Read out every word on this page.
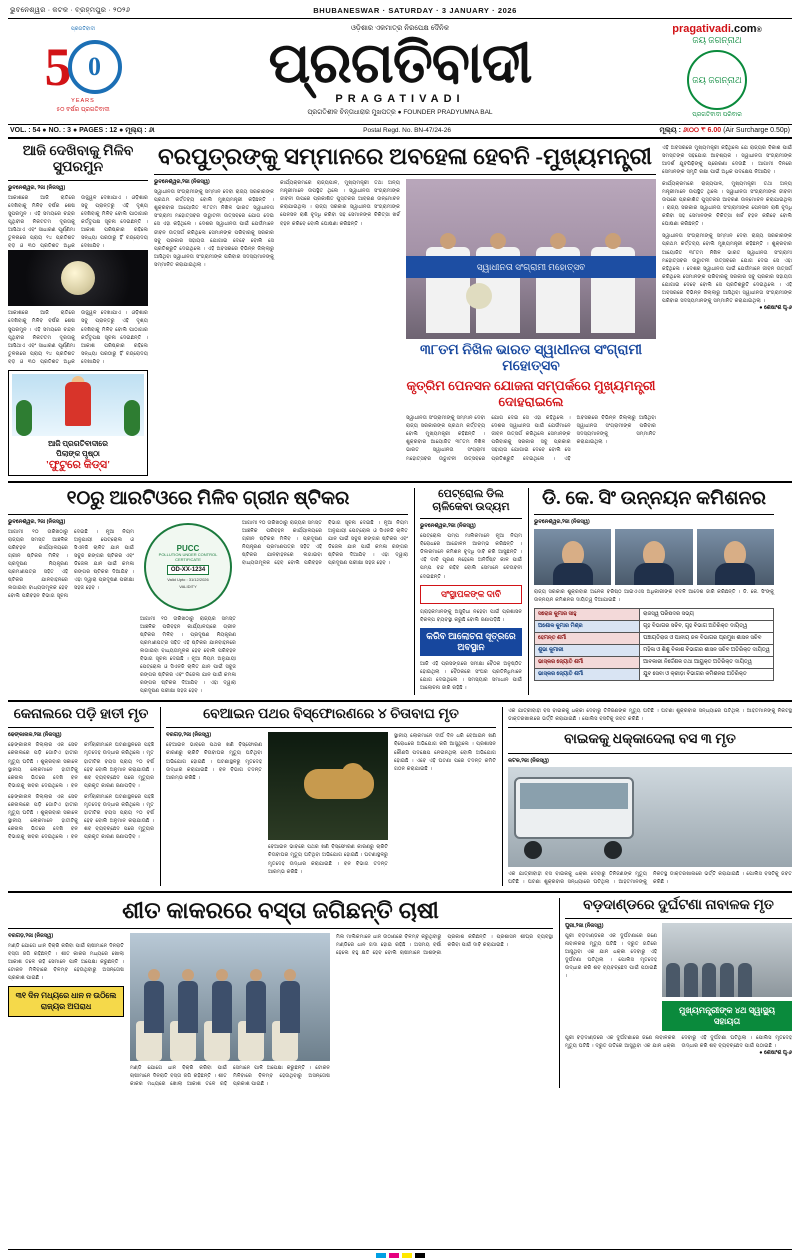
ଭୁବନେଶ୍ୱର · କଟକ · ବ୍ରହ୍ମପୁର · ୨୦୨୬	BHUBANESWAR · SATURDAY · 3 JANUARY · 2026
ପ୍ରଗତିବାଦୀ
5 0
YEARS
୫୦ ବର୍ଷର ପ୍ରଗତିବାଦୀ
ଓଡ଼ିଶାର ଏକମାତ୍ର ନିରପେକ୍ଷ ଦୈନିକ
ପ୍ରଗତିବାଦୀ
PRAGATIVADI
ପ୍ରଗତିଶୀଳ ଚିନ୍ତାଧାରାର ମୁଖପତ୍ର ● FOUNDER PRADYUMNA BAL
pragativadi.com®
ଜୟ ଜଗନ୍ନାଥ
ଜୟ ଜଗନ୍ନାଥ
ପ୍ରଗତିବାଦୀ ପରିବାର
VOL. : 54 ● NO. : 3 ● PAGES : 12 ● ମୂଲ୍ୟ : ୬୲	Postal Regd. No. BN-47/24-26	ମୂଲ୍ୟ : ୬୲୦୦ ₹ 6.00 (Air Surcharge 0.50p)
ଆଜି ଦେଖିବାକୁ ମିଳିବ ସୁପରମୁନ
ଭୁବନେଶ୍ୱର, ୨ଜା (ନିଜସ୍ୱ)
ଆକାଶରେ ଆଜି ରାତିରେ ଦେଖିବାକୁ ମିଳିବ ବର୍ଷର ଶେଷ ସୁପରମୁନ । ଏହି ସମୟରେ ଚନ୍ଦ୍ର ପୃଥିବୀର ନିକଟତମ ଦୂରତାକୁ ଆସିଥାଏ ଏବଂ ସାଧାରଣ ପୂର୍ଣ୍ଣିମା ତୁଳନାରେ ପ୍ରାୟ ୧୪ ପ୍ରତିଶତ ବଡ଼ ଓ ୩୦ ପ୍ରତିଶତ ଅଧିକ ଉଜ୍ଜ୍ୱଳ ଦେଖାଯାଏ । ଓଡ଼ିଶାର ସବୁ ପ୍ରାନ୍ତରୁ ଏହି ଦୃଶ୍ୟ ଦେଖିବାକୁ ମିଳିବ ବୋଲି ପାଠାଗାର କର୍ତ୍ତୃପକ୍ଷ ସୂଚନା ଦେଇଛନ୍ତି । ଆକାଶ ପରିଷ୍କାର ରହିଲେ ସନ୍ଧ୍ୟା ପରଠାରୁ ହିଁ ଚନ୍ଦ୍ରୋଦୟ ଦେଖାଯିବ ।
ଆକାଶରେ ଆଜି ରାତିରେ ଦେଖିବାକୁ ମିଳିବ ବର୍ଷର ଶେଷ ସୁପରମୁନ । ଏହି ସମୟରେ ଚନ୍ଦ୍ର ପୃଥିବୀର ନିକଟତମ ଦୂରତାକୁ ଆସିଥାଏ ଏବଂ ସାଧାରଣ ପୂର୍ଣ୍ଣିମା ତୁଳନାରେ ପ୍ରାୟ ୧୪ ପ୍ରତିଶତ ବଡ଼ ଓ ୩୦ ପ୍ରତିଶତ ଅଧିକ ଉଜ୍ଜ୍ୱଳ ଦେଖାଯାଏ । ଓଡ଼ିଶାର ସବୁ ପ୍ରାନ୍ତରୁ ଏହି ଦୃଶ୍ୟ ଦେଖିବାକୁ ମିଳିବ ବୋଲି ପାଠାଗାର କର୍ତ୍ତୃପକ୍ଷ ସୂଚନା ଦେଇଛନ୍ତି । ଆକାଶ ପରିଷ୍କାର ରହିଲେ ସନ୍ଧ୍ୟା ପରଠାରୁ ହିଁ ଚନ୍ଦ୍ରୋଦୟ ଦେଖାଯିବ ।
ଆଜି ପ୍ରଗତିବାଦୀରେ
ପିଲାଙ୍କ ପୃଷ୍ଠା
'ଫୁଟୁରେ କିଡ୍ସ'
ବରପୁତ୍ରଙ୍କୁ ସମ୍ମାନରେ ଅବହେଳା ହେବନି -ମୁଖ୍ୟମନ୍ତ୍ରୀ
ଭୁବନେଶ୍ୱର,୨ଜା (ନିଜସ୍ୱ)
ସ୍ୱାଧୀନତା ସଂଗ୍ରାମୀଙ୍କୁ ସମ୍ମାନ ଦେବା ରାଜ୍ୟ ସରକାରଙ୍କ ପ୍ରଥମ କର୍ତ୍ତବ୍ୟ ବୋଲି ମୁଖ୍ୟମନ୍ତ୍ରୀ କହିଛନ୍ତି । ଶୁକ୍ରବାର ଆୟୋଜିତ ୩୮ତମ ନିଖିଳ ଭାରତ ସ୍ୱାଧୀନତା ସଂଗ୍ରାମୀ ମହୋତ୍ସବର ଉଦ୍ଘାଟନୀ ଉତ୍ସବରେ ଯୋଗ ଦେଇ ସେ ଏହା କହିଥିଲେ । ଦେଶର ସ୍ୱାଧୀନତା ପାଇଁ ଯେଉଁମାନେ ଜୀବନ ଉତ୍ସର୍ଗ କରିଥିଲେ ସେମାନଙ୍କ ପରିବାରକୁ ସରକାର ସବୁ ପ୍ରକାର ସହାୟତା ଯୋଗାଇ ଦେବେ ବୋଲି ସେ ପ୍ରତିଶ୍ରୁତି ଦେଇଥିଲେ । ଏହି ଅବସରରେ ବିଭିନ୍ନ ଜିଲ୍ଲାରୁ ଆସିଥିବା ସ୍ୱାଧୀନତା ସଂଗ୍ରାମୀଙ୍କ ପରିବାର ସଦସ୍ୟମାନଙ୍କୁ ସମ୍ମାନିତ କରାଯାଇଥିଲା ।
କାର୍ଯ୍ୟକ୍ରମରେ ରାଜ୍ୟପାଳ, ମୁଖ୍ୟମନ୍ତ୍ରୀ ତଥା ଅନ୍ୟ ମନ୍ତ୍ରୀମାନେ ଉପସ୍ଥିତ ଥିଲେ । ସ୍ୱାଧୀନତା ସଂଗ୍ରାମୀଙ୍କ ଜୀବନୀ ଉପରେ ପ୍ରକାଶିତ ପୁସ୍ତକର ଆବରଣ ଉନ୍ମୋଚନ କରାଯାଇଥିଲା । ରାଜ୍ୟ ସରକାର ସ୍ୱାଧୀନତା ସଂଗ୍ରାମୀଙ୍କ ପେନସନ ରାଶି ବୃଦ୍ଧି କରିବା ସହ ସେମାନଙ୍କ ଚିକିତ୍ସା ଖର୍ଚ୍ଚ ବହନ କରିବେ ବୋଲି ଘୋଷଣା କରିଛନ୍ତି ।
ସ୍ୱାଧୀନତା ସଂଗ୍ରାମୀ ମହୋତ୍ସବ
୩୮ତମ ନିଖିଳ ଭାରତ ସ୍ୱାଧୀନତା ସଂଗ୍ରାମୀ ମହୋତ୍ସବ
କୃତ୍ରିମ ପେନସନ ଯୋଜନା ସମ୍ପର୍କରେ ମୁଖ୍ୟମନ୍ତ୍ରୀ ଦୋହରାଇଲେ
ସ୍ୱାଧୀନତା ସଂଗ୍ରାମୀଙ୍କୁ ସମ୍ମାନ ଦେବା ରାଜ୍ୟ ସରକାରଙ୍କ ପ୍ରଥମ କର୍ତ୍ତବ୍ୟ ବୋଲି ମୁଖ୍ୟମନ୍ତ୍ରୀ କହିଛନ୍ତି । ଶୁକ୍ରବାର ଆୟୋଜିତ ୩୮ତମ ନିଖିଳ ଭାରତ ସ୍ୱାଧୀନତା ସଂଗ୍ରାମୀ ମହୋତ୍ସବର ଉଦ୍ଘାଟନୀ ଉତ୍ସବରେ ଯୋଗ ଦେଇ ସେ ଏହା କହିଥିଲେ । ଦେଶର ସ୍ୱାଧୀନତା ପାଇଁ ଯେଉଁମାନେ ଜୀବନ ଉତ୍ସର୍ଗ କରିଥିଲେ ସେମାନଙ୍କ ପରିବାରକୁ ସରକାର ସବୁ ପ୍ରକାର ସହାୟତା ଯୋଗାଇ ଦେବେ ବୋଲି ସେ ପ୍ରତିଶ୍ରୁତି ଦେଇଥିଲେ । ଏହି ଅବସରରେ ବିଭିନ୍ନ ଜିଲ୍ଲାରୁ ଆସିଥିବା ସ୍ୱାଧୀନତା ସଂଗ୍ରାମୀଙ୍କ ପରିବାର ସଦସ୍ୟମାନଙ୍କୁ ସମ୍ମାନିତ କରାଯାଇଥିଲା ।
ଏହି ଅବସରରେ ମୁଖ୍ୟମନ୍ତ୍ରୀ କହିଥିଲେ ଯେ ରାଜ୍ୟର ବିକାଶ ପାଇଁ ସମସ୍ତଙ୍କ ସହଯୋଗ ଆବଶ୍ୟକ । ସ୍ୱାଧୀନତା ସଂଗ୍ରାମୀଙ୍କ ଆଦର୍ଶ ଯୁବପିଢ଼ିଙ୍କୁ ପ୍ରେରଣା ଦେଉଛି । ଆଗାମୀ ଦିନରେ ସେମାନଙ୍କ ସ୍ମୃତି ରକ୍ଷା ପାଇଁ ଅଧିକ ପଦକ୍ଷେପ ନିଆଯିବ ।
କାର୍ଯ୍ୟକ୍ରମରେ ରାଜ୍ୟପାଳ, ମୁଖ୍ୟମନ୍ତ୍ରୀ ତଥା ଅନ୍ୟ ମନ୍ତ୍ରୀମାନେ ଉପସ୍ଥିତ ଥିଲେ । ସ୍ୱାଧୀନତା ସଂଗ୍ରାମୀଙ୍କ ଜୀବନୀ ଉପରେ ପ୍ରକାଶିତ ପୁସ୍ତକର ଆବରଣ ଉନ୍ମୋଚନ କରାଯାଇଥିଲା । ରାଜ୍ୟ ସରକାର ସ୍ୱାଧୀନତା ସଂଗ୍ରାମୀଙ୍କ ପେନସନ ରାଶି ବୃଦ୍ଧି କରିବା ସହ ସେମାନଙ୍କ ଚିକିତ୍ସା ଖର୍ଚ୍ଚ ବହନ କରିବେ ବୋଲି ଘୋଷଣା କରିଛନ୍ତି ।
ସ୍ୱାଧୀନତା ସଂଗ୍ରାମୀଙ୍କୁ ସମ୍ମାନ ଦେବା ରାଜ୍ୟ ସରକାରଙ୍କ ପ୍ରଥମ କର୍ତ୍ତବ୍ୟ ବୋଲି ମୁଖ୍ୟମନ୍ତ୍ରୀ କହିଛନ୍ତି । ଶୁକ୍ରବାର ଆୟୋଜିତ ୩୮ତମ ନିଖିଳ ଭାରତ ସ୍ୱାଧୀନତା ସଂଗ୍ରାମୀ ମହୋତ୍ସବର ଉଦ୍ଘାଟନୀ ଉତ୍ସବରେ ଯୋଗ ଦେଇ ସେ ଏହା କହିଥିଲେ । ଦେଶର ସ୍ୱାଧୀନତା ପାଇଁ ଯେଉଁମାନେ ଜୀବନ ଉତ୍ସର୍ଗ କରିଥିଲେ ସେମାନଙ୍କ ପରିବାରକୁ ସରକାର ସବୁ ପ୍ରକାର ସହାୟତା ଯୋଗାଇ ଦେବେ ବୋଲି ସେ ପ୍ରତିଶ୍ରୁତି ଦେଇଥିଲେ । ଏହି ଅବସରରେ ବିଭିନ୍ନ ଜିଲ୍ଲାରୁ ଆସିଥିବା ସ୍ୱାଧୀନତା ସଂଗ୍ରାମୀଙ୍କ ପରିବାର ସଦସ୍ୟମାନଙ୍କୁ ସମ୍ମାନିତ କରାଯାଇଥିଲା ।
● ଶେଷାଂଶ ପୃ-୬
୧୦ରୁ ଆରଟିଓରେ ମିଳିବ ଗ୍ରୀନ ଷ୍ଟିକର
ଭୁବନେଶ୍ୱର, ୨ଜା (ନିଜସ୍ୱ)
ଆଗାମୀ ୧୦ ତାରିଖଠାରୁ ରାଜ୍ୟର ସମସ୍ତ ଆଞ୍ଚଳିକ ପରିବହନ କାର୍ଯ୍ୟାଳୟରେ ଗ୍ରୀନ ଷ୍ଟିକର ମିଳିବ । ପ୍ରଦୂଷଣ ନିୟନ୍ତ୍ରଣ ପ୍ରମାଣପତ୍ର ସହିତ ଏହି ଷ୍ଟିକର ଯାନବାହନରେ ଲଗାଇବା ବାଧ୍ୟତାମୂଳକ ହେବ ବୋଲି ପରିବହନ ବିଭାଗ ସୂଚନା ଦେଇଛି । ନୂଆ ନିୟମ ଅନୁଯାୟୀ ପେଟ୍ରୋଲ ଓ ସିଏନଜି ଚାଳିତ ଯାନ ପାଇଁ ସବୁଜ ରଙ୍ଗର ଷ୍ଟିକର ଏବଂ ଡିଜେଲ ଯାନ ପାଇଁ କମଳା ରଙ୍ଗର ଷ୍ଟିକର ଦିଆଯିବ । ଏହା ଦ୍ୱାରା ପ୍ରଦୂଷଣ ପରୀକ୍ଷା ସହଜ ହେବ ।
PUCC
POLLUTION UNDER CONTROL CERTIFICATE
OD-XX-1234
Valid Upto : 31/12/2026
VALIDITY
ଆଗାମୀ ୧୦ ତାରିଖଠାରୁ ରାଜ୍ୟର ସମସ୍ତ ଆଞ୍ଚଳିକ ପରିବହନ କାର୍ଯ୍ୟାଳୟରେ ଗ୍ରୀନ ଷ୍ଟିକର ମିଳିବ । ପ୍ରଦୂଷଣ ନିୟନ୍ତ୍ରଣ ପ୍ରମାଣପତ୍ର ସହିତ ଏହି ଷ୍ଟିକର ଯାନବାହନରେ ଲଗାଇବା ବାଧ୍ୟତାମୂଳକ ହେବ ବୋଲି ପରିବହନ ବିଭାଗ ସୂଚନା ଦେଇଛି । ନୂଆ ନିୟମ ଅନୁଯାୟୀ ପେଟ୍ରୋଲ ଓ ସିଏନଜି ଚାଳିତ ଯାନ ପାଇଁ ସବୁଜ ରଙ୍ଗର ଷ୍ଟିକର ଏବଂ ଡିଜେଲ ଯାନ ପାଇଁ କମଳା ରଙ୍ଗର ଷ୍ଟିକର ଦିଆଯିବ । ଏହା ଦ୍ୱାରା ପ୍ରଦୂଷଣ ପରୀକ୍ଷା ସହଜ ହେବ ।
ଆଗାମୀ ୧୦ ତାରିଖଠାରୁ ରାଜ୍ୟର ସମସ୍ତ ଆଞ୍ଚଳିକ ପରିବହନ କାର୍ଯ୍ୟାଳୟରେ ଗ୍ରୀନ ଷ୍ଟିକର ମିଳିବ । ପ୍ରଦୂଷଣ ନିୟନ୍ତ୍ରଣ ପ୍ରମାଣପତ୍ର ସହିତ ଏହି ଷ୍ଟିକର ଯାନବାହନରେ ଲଗାଇବା ବାଧ୍ୟତାମୂଳକ ହେବ ବୋଲି ପରିବହନ ବିଭାଗ ସୂଚନା ଦେଇଛି । ନୂଆ ନିୟମ ଅନୁଯାୟୀ ପେଟ୍ରୋଲ ଓ ସିଏନଜି ଚାଳିତ ଯାନ ପାଇଁ ସବୁଜ ରଙ୍ଗର ଷ୍ଟିକର ଏବଂ ଡିଜେଲ ଯାନ ପାଇଁ କମଳା ରଙ୍ଗର ଷ୍ଟିକର ଦିଆଯିବ । ଏହା ଦ୍ୱାରା ପ୍ରଦୂଷଣ ପରୀକ୍ଷା ସହଜ ହେବ ।
ପେଟ୍ରୋଲ ଡିଲ
ଚାଳିକେବା ଉଦ୍ୟମ
ଭୁବନେଶ୍ୱର,୨ଜା (ନିଜସ୍ୱ)
ପେଟ୍ରୋଲ ପମ୍ପ ମାଲିକମାନେ ନୂଆ ନିୟମ ବିରୋଧରେ ଆନ୍ଦୋଳନ ଆରମ୍ଭ କରିଛନ୍ତି । ଡିଲରମାନେ କମିଶନ ବୃଦ୍ଧି ଦାବି କରି ଆସୁଛନ୍ତି । ଏହି ଦାବି ପୂରଣ ନହେଲେ ଅନିର୍ଦ୍ଦିଷ୍ଟ କାଳ ପାଇଁ ପମ୍ପ ବନ୍ଦ ରହିବ ବୋଲି ସେମାନେ ଚେତାବନୀ ଦେଇଛନ୍ତି ।
ସଂସ୍ଥାପକଙ୍କ ଦାବି
ଗ୍ରାହକମାନଙ୍କୁ ଅସୁବିଧା ନହେବା ପାଇଁ ପ୍ରଶାସନ ବିକଳ୍ପ ବ୍ୟବସ୍ଥା କରୁଛି ବୋଲି ଜଣାପଡ଼ିଛି ।
କରିବ ଆଲୋଚନା ସୂତ୍ରରେ ଅବସ୍ଥାନ
ଆଜି ଏହି ପ୍ରସଙ୍ଗରେ ସମୀକ୍ଷା ବୈଠକ ଅନୁଷ୍ଠିତ ହୋଇଥିଲା । ବୈଠକରେ ସଂଘର ପ୍ରତିନିଧିମାନେ ଯୋଗ ଦେଇଥିଲେ । ସମସ୍ୟାର ସମାଧାନ ପାଇଁ ଆଲୋଚନା ଜାରି ରହିଛି ।
ଡି. କେ. ସିଂ ଉନ୍ନୟନ କମିଶନର
ଭୁବନେଶ୍ୱର,୨ଜା (ନିଜସ୍ୱ)
ରାଜ୍ୟ ସରକାର ଶୁକ୍ରବାର ଅନେକ ବରିଷ୍ଠ ଆଇଏଏସ ଅଧିକାରୀଙ୍କ ବଦଳି ଆଦେଶ ଜାରି କରିଛନ୍ତି । ଡି. କେ. ସିଂଙ୍କୁ ଉନ୍ନୟନ କମିଶନର ଦାୟିତ୍ୱ ଦିଆଯାଇଛି ।
ସରୋଜ କୁମାର ସାହୁ	ରାଜସ୍ୱ ପରିଷଦର ସଭ୍ୟ
ଅଶୋକ କୁମାର ମିଶ୍ର	ଗୃହ ବିଭାଗର ସଚିବ, ଗୃହ ବିଭାଗ ଅତିରିକ୍ତ ଦାୟିତ୍ୱ
ହେମନ୍ତ ଶର୍ମା	ପଞ୍ଚାୟତିରାଜ ଓ ପାନୀୟ ଜଳ ବିଭାଗର ପ୍ରମୁଖ ଶାସନ ସଚିବ
ଶୁଭା କୁମାରୀ	ମହିଳା ଓ ଶିଶୁ ବିକାଶ ବିଭାଗର ଶାସନ ସଚିବ ଅତିରିକ୍ତ ଦାୟିତ୍ୱ
ଭାସ୍କର ଜ୍ୟୋତି ଶର୍ମା	ଆବକାରୀ ନିର୍ଦ୍ଦେଶକ ତଥା ଆୟୁକ୍ତ ଅତିରିକ୍ତ ଦାୟିତ୍ୱ
ଭାସ୍କର ଜ୍ୟୋତି ଶର୍ମା	ଯୁବ ସେବା ଓ କ୍ରୀଡ଼ା ବିଭାଗର କମିଶନର ଅତିରିକ୍ତ
କେନାଲରେ ପଡ଼ି ହାତୀ ମୃତ
ଢେଙ୍କାନାଳ,୨ଜା (ନିଜସ୍ୱ)
ଢେଙ୍କାନାଳ ଜିଲ୍ଲାର ଏକ ସେଚ କେନାଲରେ ପଡ଼ି ଗୋଟିଏ ହାତୀର ମୃତ୍ୟୁ ଘଟିଛି । ଶୁକ୍ରବାର ସକାଳେ ସ୍ଥାନୀୟ ଲୋକମାନେ ହାତୀଟିକୁ କେନାଲ ଭିତରେ ଦେଖି ବନ ବିଭାଗକୁ ଖବର ଦେଇଥିଲେ । ବନ କର୍ମଚାରୀମାନେ ଘଟଣାସ୍ଥଳରେ ପହଞ୍ଚି ମୃତଦେହ ଉଦ୍ଧାର କରିଥିଲେ । ମୃତ ହାତୀଟିର ବୟସ ପ୍ରାୟ ୨୦ ବର୍ଷ ହେବ ବୋଲି ଅନୁମାନ କରାଯାଉଛି । ଶବ ବ୍ୟବଚ୍ଛେଦ ପରେ ମୃତ୍ୟୁର ପ୍ରକୃତ କାରଣ ଜଣାପଡ଼ିବ ।
ଢେଙ୍କାନାଳ ଜିଲ୍ଲାର ଏକ ସେଚ କେନାଲରେ ପଡ଼ି ଗୋଟିଏ ହାତୀର ମୃତ୍ୟୁ ଘଟିଛି । ଶୁକ୍ରବାର ସକାଳେ ସ୍ଥାନୀୟ ଲୋକମାନେ ହାତୀଟିକୁ କେନାଲ ଭିତରେ ଦେଖି ବନ ବିଭାଗକୁ ଖବର ଦେଇଥିଲେ । ବନ କର୍ମଚାରୀମାନେ ଘଟଣାସ୍ଥଳରେ ପହଞ୍ଚି ମୃତଦେହ ଉଦ୍ଧାର କରିଥିଲେ । ମୃତ ହାତୀଟିର ବୟସ ପ୍ରାୟ ୨୦ ବର୍ଷ ହେବ ବୋଲି ଅନୁମାନ କରାଯାଉଛି । ଶବ ବ୍ୟବଚ୍ଛେଦ ପରେ ମୃତ୍ୟୁର ପ୍ରକୃତ କାରଣ ଜଣାପଡ଼ିବ ।
ବେଆଇନ ପଥର ବିସ୍ଫୋରଣରେ ୪ ଚିତାବାଘ ମୃତ
ବରଗଡ଼,୨ଜା (ନିଜସ୍ୱ)
ବେଆଇନ ଭାବରେ ପଥର ଖଣି ବିସ୍ଫୋରଣ କାରଣରୁ ଚାରିଟି ଚିତାବାଘର ମୃତ୍ୟୁ ଘଟିଥିବା ଅଭିଯୋଗ ହୋଇଛି । ଘଟଣାସ୍ଥଳରୁ ମୃତଦେହ ଉଦ୍ଧାର କରାଯାଇଛି । ବନ ବିଭାଗ ତଦନ୍ତ ଆରମ୍ଭ କରିଛି ।
ବେଆଇନ ଭାବରେ ପଥର ଖଣି ବିସ୍ଫୋରଣ କାରଣରୁ ଚାରିଟି ଚିତାବାଘର ମୃତ୍ୟୁ ଘଟିଥିବା ଅଭିଯୋଗ ହୋଇଛି । ଘଟଣାସ୍ଥଳରୁ ମୃତଦେହ ଉଦ୍ଧାର କରାଯାଇଛି । ବନ ବିଭାଗ ତଦନ୍ତ ଆରମ୍ଭ କରିଛି ।
ସ୍ଥାନୀୟ ଲୋକମାନେ ଦୀର୍ଘ ଦିନ ଧରି ବେଆଇନ ଖଣି ବିରୋଧରେ ଅଭିଯୋଗ କରି ଆସୁଥିଲେ । ପ୍ରଶାସନ କୌଣସି ପଦକ୍ଷେପ ନେଇନଥିଲା ବୋଲି ଅଭିଯୋଗ ହୋଇଛି । ଏବେ ଏହି ଘଟଣା ପରେ ତଦନ୍ତ କମିଟି ଗଠନ କରାଯାଇଛି ।
ଏକ ଯାତ୍ରୀବାହୀ ବସ ବାଇକକୁ ଧକ୍କା ଦେବାରୁ ତିନିଜଣଙ୍କ ମୃତ୍ୟୁ ଘଟିଛି । ଘଟଣା ଶୁକ୍ରବାର ସନ୍ଧ୍ୟାରେ ଘଟିଥିଲା । ଆହତମାନଙ୍କୁ ନିକଟସ୍ଥ ଡାକ୍ତରଖାନାରେ ଭର୍ତ୍ତି କରାଯାଇଛି । ପୋଲିସ ବସଟିକୁ ଜବତ କରିଛି ।
ବାଇକକୁ ଧକ୍କାଦେଲା ବସ ୩ ମୃତ
କଟକ,୨ଜା (ନିଜସ୍ୱ)
ଏକ ଯାତ୍ରୀବାହୀ ବସ ବାଇକକୁ ଧକ୍କା ଦେବାରୁ ତିନିଜଣଙ୍କ ମୃତ୍ୟୁ ଘଟିଛି । ଘଟଣା ଶୁକ୍ରବାର ସନ୍ଧ୍ୟାରେ ଘଟିଥିଲା । ଆହତମାନଙ୍କୁ ନିକଟସ୍ଥ ଡାକ୍ତରଖାନାରେ ଭର୍ତ୍ତି କରାଯାଇଛି । ପୋଲିସ ବସଟିକୁ ଜବତ କରିଛି ।
ଶୀତ କାକରରେ ବସ୍ତା ଜଗିଛନ୍ତି ଚାଷୀ
ବରଗଡ଼,୨ଜା (ନିଜସ୍ୱ)
ମଣ୍ଡି ଯୋଗେ ଧାନ ବିକ୍ରି କରିବା ପାଇଁ ଚାଷୀମାନେ ଦିନରାତି ବସ୍ତା ଜଗି ରହିଛନ୍ତି । ଶୀତ କାକର ମଧ୍ୟରେ ଖୋଲା ଆକାଶ ତଳେ ରହି ସେମାନେ ପାଳି ଅପେକ୍ଷା କରୁଛନ୍ତି । ଟୋକନ ମିଳିବାରେ ବିଳମ୍ବ ହେଉଥିବାରୁ ଅସନ୍ତୋଷ ପ୍ରକାଶ ପାଇଛି ।
୩୧ ଦିନ ମଧ୍ୟରେ ଧାନ ନ ଉଠିଲେ ରାଜ୍ୟର ଅପରାଧ
ମଣ୍ଡି ଯୋଗେ ଧାନ ବିକ୍ରି କରିବା ପାଇଁ ଚାଷୀମାନେ ଦିନରାତି ବସ୍ତା ଜଗି ରହିଛନ୍ତି । ଶୀତ କାକର ମଧ୍ୟରେ ଖୋଲା ଆକାଶ ତଳେ ରହି ସେମାନେ ପାଳି ଅପେକ୍ଷା କରୁଛନ୍ତି । ଟୋକନ ମିଳିବାରେ ବିଳମ୍ବ ହେଉଥିବାରୁ ଅସନ୍ତୋଷ ପ୍ରକାଶ ପାଇଛି ।
ମିଲ ମାଲିକମାନେ ଧାନ ଉଠାଣରେ ବିଳମ୍ବ କରୁଥିବାରୁ ମଣ୍ଡିରେ ଧାନ ଗଦା ହୋଇ ରହିଛି । ଅସମୟ ବର୍ଷା ହେଲେ ବହୁ କ୍ଷତି ହେବ ବୋଲି ଚାଷୀମାନେ ଆଶଙ୍କା ପ୍ରକାଶ କରିଛନ୍ତି । ପ୍ରଶାସନ ଶୀଘ୍ର ବ୍ୟବସ୍ଥା କରିବା ପାଇଁ ଦାବି କରାଯାଇଛି ।
ବଡ଼ଦାଣ୍ଡରେ ଦୁର୍ଘଟଣା ନାବାଳକ ମୃତ
ପୁରୀ,୨ଜା (ନିଜସ୍ୱ)
ପୁରୀ ବଡ଼ଦାଣ୍ଡରେ ଏକ ଦୁର୍ଘଟଣାରେ ଜଣେ ନାବାଳକର ମୃତ୍ୟୁ ଘଟିଛି । ଦ୍ରୁତ ଗତିରେ ଆସୁଥିବା ଏକ ଯାନ ଧକ୍କା ଦେବାରୁ ଏହି ଦୁର୍ଘଟଣା ଘଟିଥିଲା । ପୋଲିସ ମୃତଦେହ ଉଦ୍ଧାର କରି ଶବ ବ୍ୟବଚ୍ଛେଦ ପାଇଁ ପଠାଇଛି ।
ମୁଖ୍ୟମନ୍ତ୍ରୀଙ୍କ ୪ଥ ସ୍ୱାସ୍ଥ୍ୟ ସହାୟତା
ପୁରୀ ବଡ଼ଦାଣ୍ଡରେ ଏକ ଦୁର୍ଘଟଣାରେ ଜଣେ ନାବାଳକର ମୃତ୍ୟୁ ଘଟିଛି । ଦ୍ରୁତ ଗତିରେ ଆସୁଥିବା ଏକ ଯାନ ଧକ୍କା ଦେବାରୁ ଏହି ଦୁର୍ଘଟଣା ଘଟିଥିଲା । ପୋଲିସ ମୃତଦେହ ଉଦ୍ଧାର କରି ଶବ ବ୍ୟବଚ୍ଛେଦ ପାଇଁ ପଠାଇଛି ।
● ଶେଷାଂଶ ପୃ-୬
